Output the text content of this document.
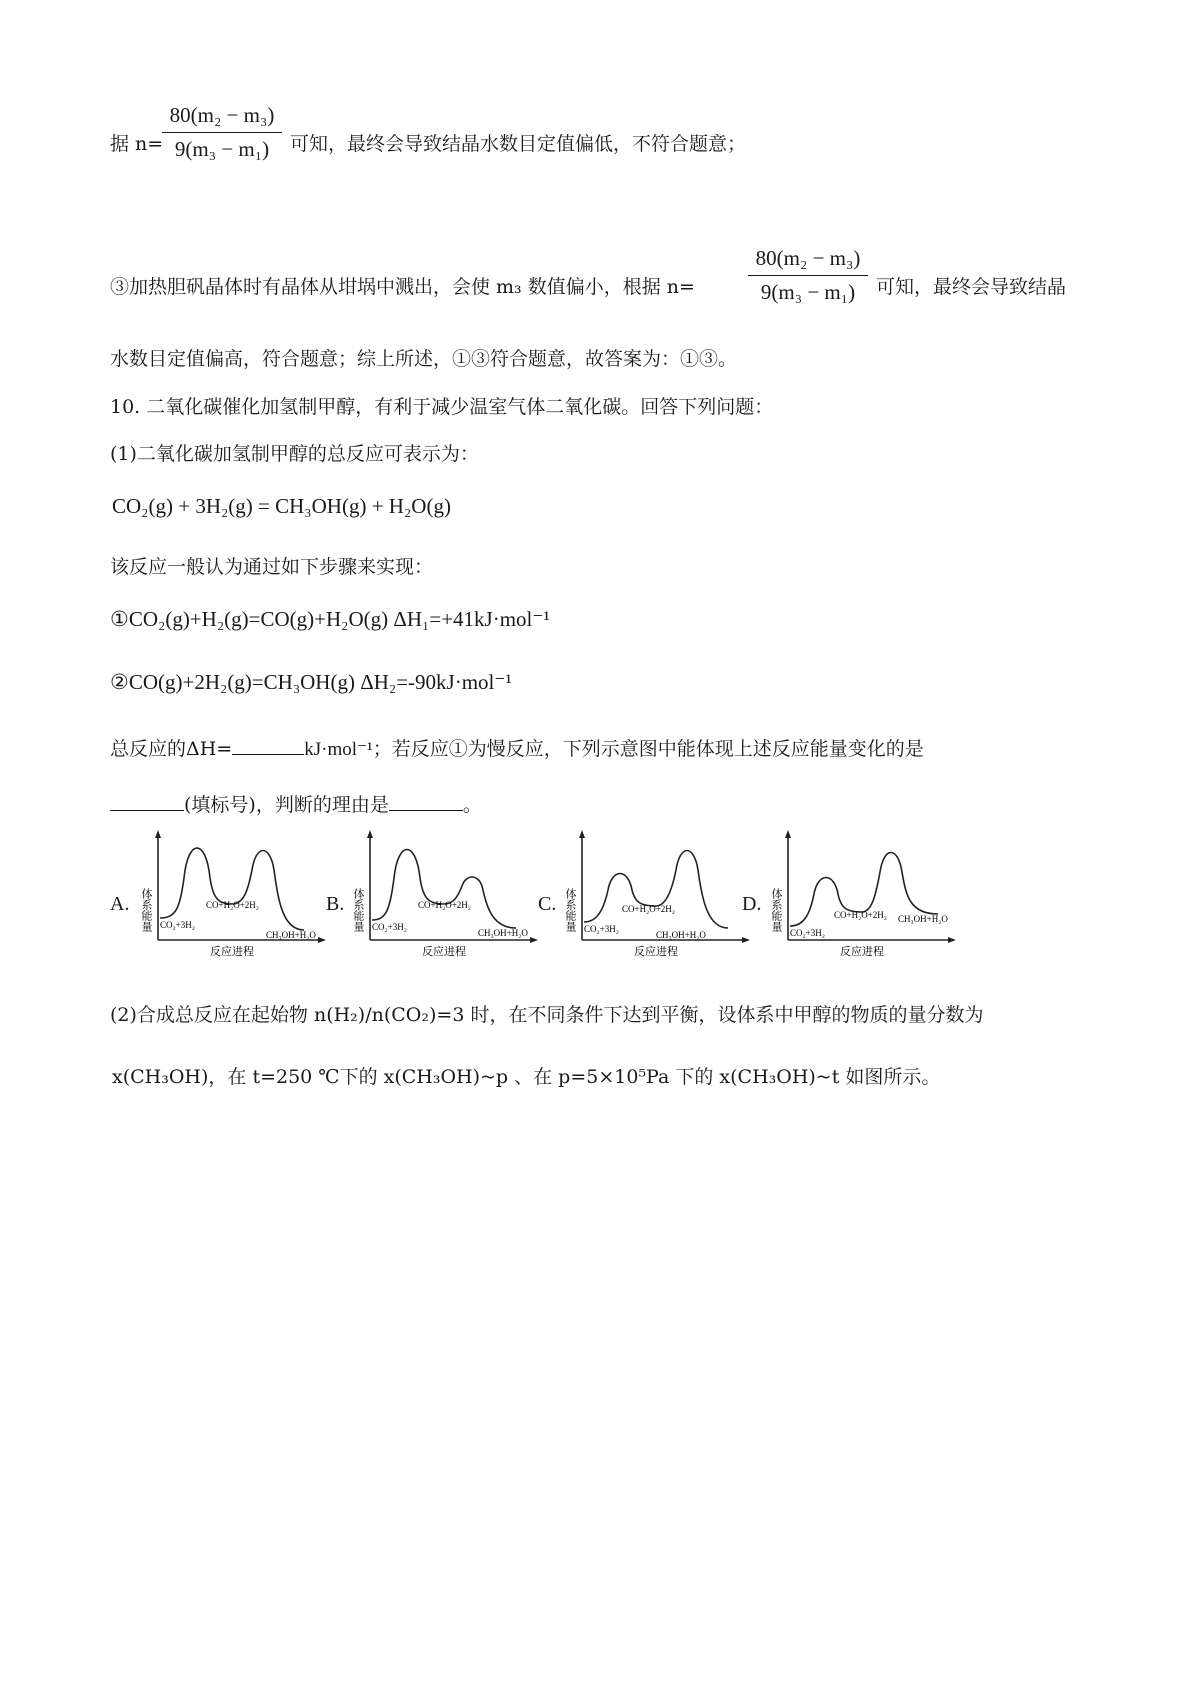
据 n=
80(m₂ − m₃)
9(m₃ − m₁)	可知，最终会导致结晶水数目定值偏低，不符合题意；
③加热胆矾晶体时有晶体从坩埚中溅出，会使 m₃ 数值偏小，根据 n=
80(m₂ − m₃)
9(m₃ − m₁)	可知，最终会导致结晶
水数目定值偏高，符合题意；综上所述，①③符合题意，故答案为：①③。
10. 二氧化碳催化加氢制甲醇，有利于减少温室气体二氧化碳。回答下列问题：
(1)二氧化碳加氢制甲醇的总反应可表示为：
CO₂(g) + 3H₂(g) = CH₃OH(g) + H₂O(g)
该反应一般认为通过如下步骤来实现：
①CO₂(g)+H₂(g)=CO(g)+H₂O(g) ΔH₁=+41kJ·mol⁻¹
②CO(g)+2H₂(g)=CH₃OH(g) ΔH₂=-90kJ·mol⁻¹
总反应的ΔH=	kJ·mol⁻¹；若反应①为慢反应，下列示意图中能体现上述反应能量变化的是
(填标号)，判断的理由是	。
A.	B.	C.	D.
体系能量
反应进程
CO₂+3H₂
CO+H₂O+2H₂
CH₃OH+H₂O
体系能量
反应进程
CO₂+3H₂
CO+H₂O+2H₂
CH₃OH+H₂O
体系能量
反应进程
CO₂+3H₂
CO+H₂O+2H₂
CH₃OH+H₂O
体系能量
反应进程
CO₂+3H₂
CO+H₂O+2H₂ CH₃OH+H₂O
(2)合成总反应在起始物 n(H₂)/n(CO₂)=3 时，在不同条件下达到平衡，设体系中甲醇的物质的量分数为
x(CH₃OH)，在 t=250 ℃下的 x(CH₃OH)~p 、在 p=5×10⁵Pa 下的 x(CH₃OH)~t 如图所示。
